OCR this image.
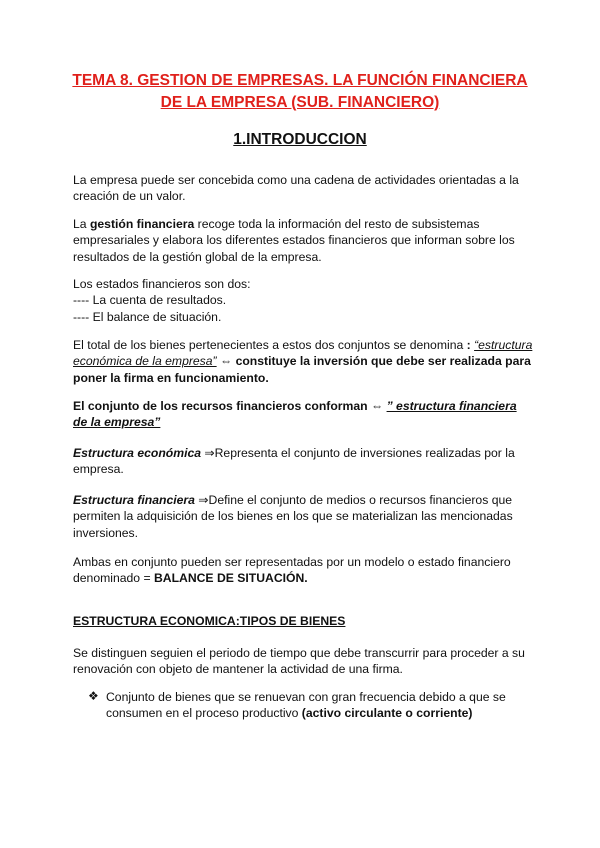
TEMA 8. GESTION DE EMPRESAS. LA FUNCIÓN FINANCIERA DE LA EMPRESA (SUB. FINANCIERO)
1.INTRODUCCION

La empresa puede ser concebida como una cadena de actividades orientadas a la creación de un valor.

La gestión financiera recoge toda la información del resto de subsistemas empresariales y elabora los diferentes estados financieros que informan sobre los resultados de la gestión global de la empresa.

Los estados financieros son dos:
---- La cuenta de resultados.
---- El balance de situación.

El total de los bienes pertenecientes a estos dos conjuntos se denomina : “estructura económica de la empresa” ⇔ constituye la inversión que debe ser realizada para poner la firma en funcionamiento.

El conjunto de los recursos financieros conforman ⇔ ” estructura financiera de la empresa”

Estructura económica ⇒Representa el conjunto de inversiones realizadas por la empresa.

Estructura financiera ⇒Define el conjunto de medios o recursos financieros que permiten la adquisición de los bienes en los que se materializan las mencionadas inversiones.

Ambas en conjunto pueden ser representadas por un modelo o estado financiero denominado = BALANCE DE SITUACIÓN.

ESTRUCTURA ECONOMICA:TIPOS DE BIENES

Se distinguen seguien el periodo de tiempo que debe transcurrir para proceder a su renovación con objeto de mantener la actividad de una firma.

❖ Conjunto de bienes que se renuevan con gran frecuencia debido a que se consumen en el proceso productivo (activo circulante o corriente)
